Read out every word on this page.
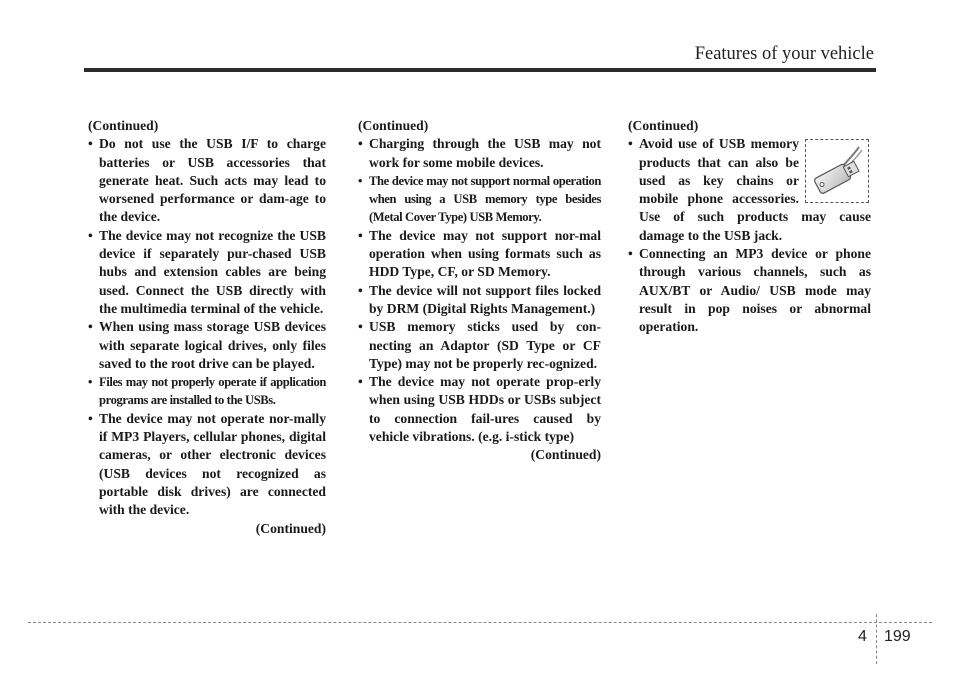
Features of your vehicle

(Continued)

• Do not use the USB I/F to charge batteries or USB accessories that generate heat. Such acts may lead to worsened performance or dam-age to the device.
• The device may not recognize the USB device if separately pur-chased USB hubs and extension cables are being used. Connect the USB directly with the multimedia terminal of the vehicle.
• When using mass storage USB devices with separate logical drives, only files saved to the root drive can be played.
• Files may not properly operate if application programs are installed to the USBs.
• The device may not operate nor-mally if MP3 Players, cellular phones, digital cameras, or other electronic devices (USB devices not recognized as portable disk drives) are connected with the device.

(Continued)

(Continued)

• Charging through the USB may not work for some mobile devices.
• The device may not support normal operation when using a USB memory type besides (Metal Cover Type) USB Memory.
• The device may not support nor-mal operation when using formats such as HDD Type, CF, or SD Memory.
• The device will not support files locked by DRM (Digital Rights Management.)
• USB memory sticks used by con-necting an Adaptor (SD Type or CF Type) may not be properly rec-ognized.
• The device may not operate prop-erly when using USB HDDs or USBs subject to connection fail-ures caused by vehicle vibrations. (e.g. i-stick type)

(Continued)

(Continued)

• Avoid use of USB memory products that can also be used as key chains or mobile phone accessories. Use of such products may cause damage to the USB jack.
• Connecting an MP3 device or phone through various channels, such as AUX/BT or Audio/ USB mode may result in pop noises or abnormal operation.
4 199
